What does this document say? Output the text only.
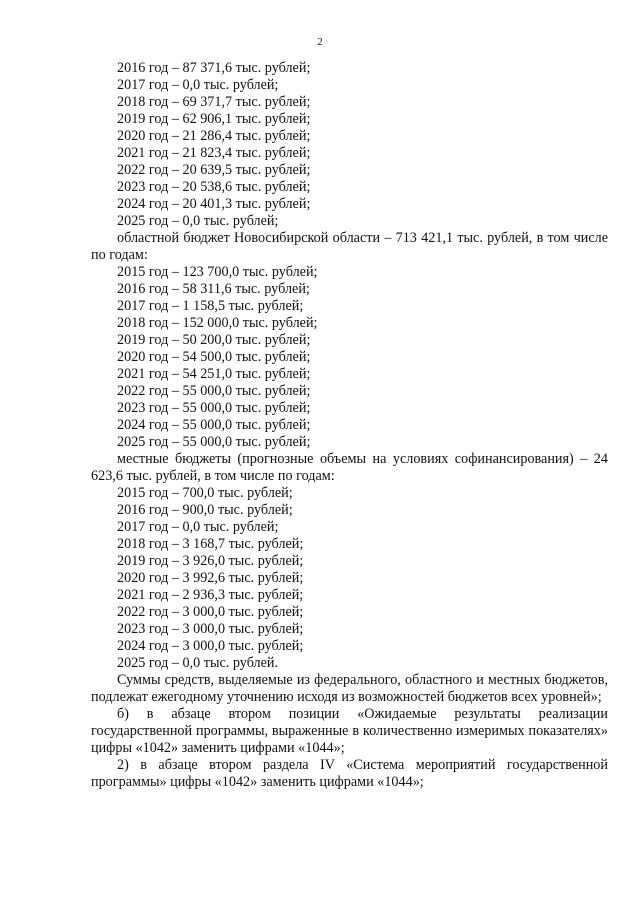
2
2016 год – 87 371,6 тыс. рублей;
2017 год – 0,0 тыс. рублей;
2018 год – 69 371,7 тыс. рублей;
2019 год – 62 906,1 тыс. рублей;
2020 год – 21 286,4 тыс. рублей;
2021 год – 21 823,4 тыс. рублей;
2022 год – 20 639,5 тыс. рублей;
2023 год – 20 538,6 тыс. рублей;
2024 год – 20 401,3 тыс. рублей;
2025 год – 0,0 тыс. рублей;
областной бюджет Новосибирской области – 713 421,1 тыс. рублей, в том числе по годам:
2015 год – 123 700,0 тыс. рублей;
2016 год – 58 311,6 тыс. рублей;
2017 год – 1 158,5 тыс. рублей;
2018 год – 152 000,0 тыс. рублей;
2019 год – 50 200,0 тыс. рублей;
2020 год – 54 500,0 тыс. рублей;
2021 год – 54 251,0 тыс. рублей;
2022 год – 55 000,0 тыс. рублей;
2023 год – 55 000,0 тыс. рублей;
2024 год – 55 000,0 тыс. рублей;
2025 год – 55 000,0 тыс. рублей;
местные бюджеты (прогнозные объемы на условиях софинансирования) – 24 623,6 тыс. рублей, в том числе по годам:
2015 год – 700,0 тыс. рублей;
2016 год – 900,0 тыс. рублей;
2017 год – 0,0 тыс. рублей;
2018 год – 3 168,7 тыс. рублей;
2019 год – 3 926,0 тыс. рублей;
2020 год – 3 992,6 тыс. рублей;
2021 год – 2 936,3 тыс. рублей;
2022 год – 3 000,0 тыс. рублей;
2023 год – 3 000,0 тыс. рублей;
2024 год – 3 000,0 тыс. рублей;
2025 год – 0,0 тыс. рублей.
Суммы средств, выделяемые из федерального, областного и местных бюджетов, подлежат ежегодному уточнению исходя из возможностей бюджетов всех уровней»;
б) в абзаце втором позиции «Ожидаемые результаты реализации государственной программы, выраженные в количественно измеримых показателях» цифры «1042» заменить цифрами «1044»;
2) в абзаце втором раздела IV «Система мероприятий государственной программы» цифры «1042» заменить цифрами «1044»;
